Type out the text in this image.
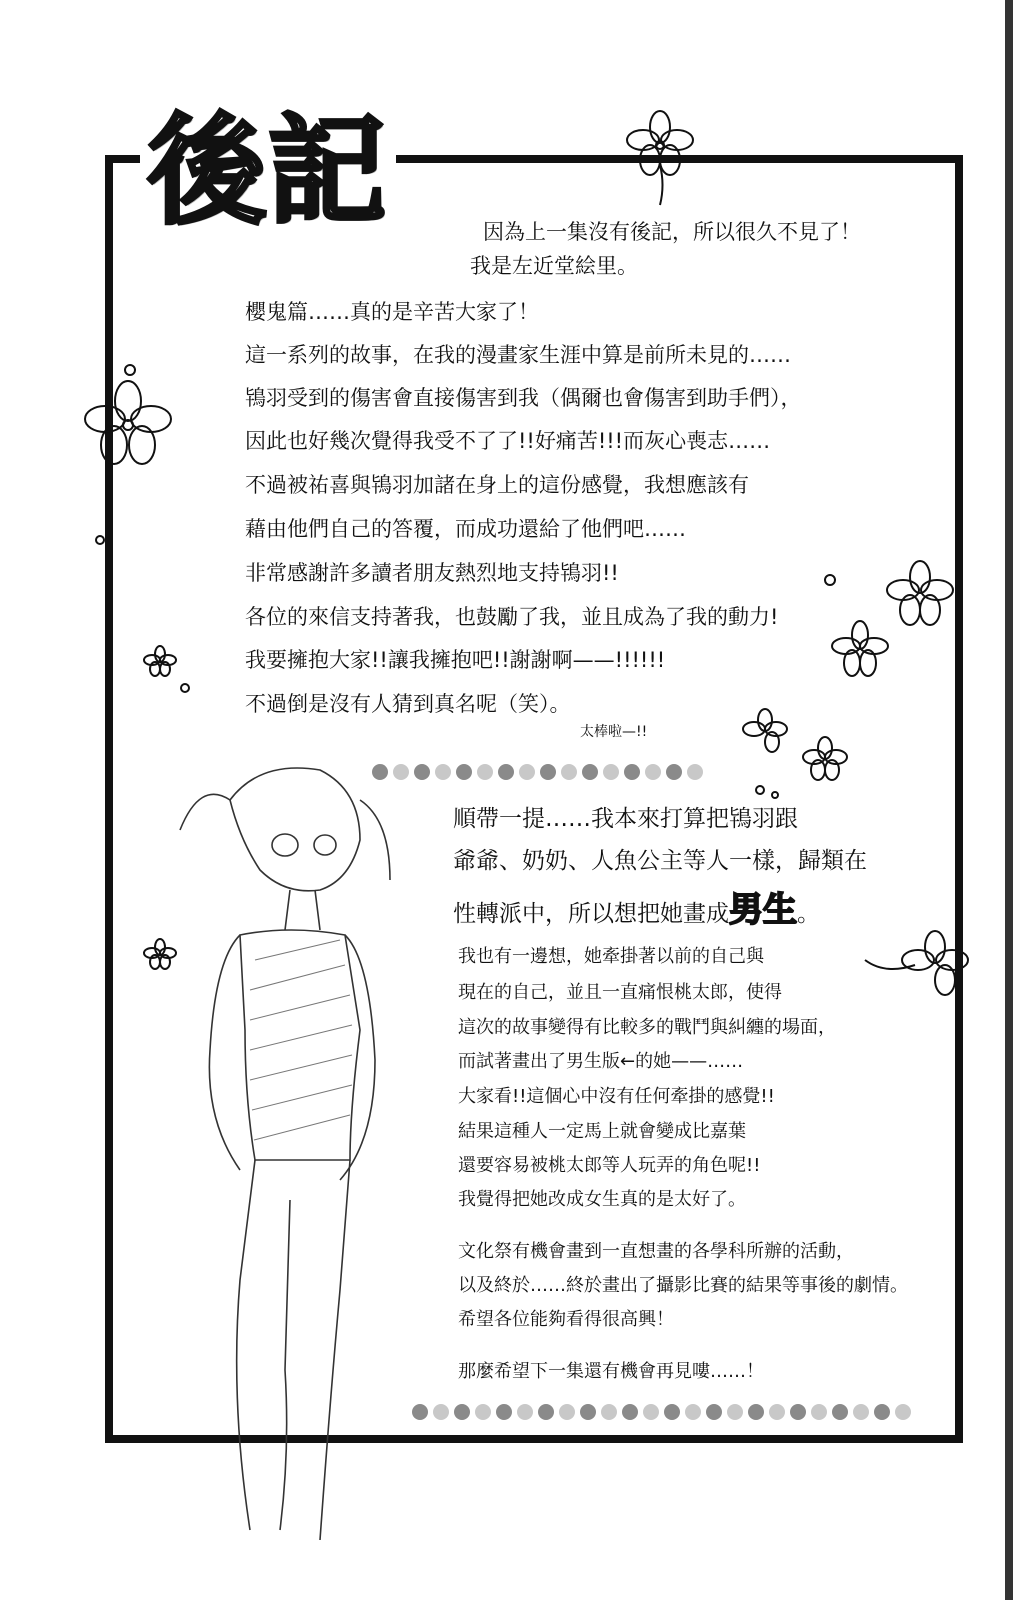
後記	因為上一集沒有後記，所以很久不見了！
我是左近堂絵里。
櫻鬼篇……真的是辛苦大家了！
這一系列的故事，在我的漫畫家生涯中算是前所未見的……
鴇羽受到的傷害會直接傷害到我（偶爾也會傷害到助手們），
因此也好幾次覺得我受不了了!!好痛苦!!!而灰心喪志……
不過被祐喜與鴇羽加諸在身上的這份感覺，我想應該有
藉由他們自己的答覆，而成功還給了他們吧……
非常感謝許多讀者朋友熱烈地支持鴇羽!!
各位的來信支持著我，也鼓勵了我，並且成為了我的動力!
我要擁抱大家!!讓我擁抱吧!!謝謝啊——!!!!!!
不過倒是沒有人猜到真名呢（笑）。
太棒啦—!!
順帶一提……我本來打算把鴇羽跟
爺爺、奶奶、人魚公主等人一樣，歸類在
性轉派中，所以想把她畫成男生。
我也有一邊想，她牽掛著以前的自己與
現在的自己，並且一直痛恨桃太郎，使得
這次的故事變得有比較多的戰鬥與糾纏的場面，
而試著畫出了男生版←的她——……
大家看!!這個心中沒有任何牽掛的感覺!!
結果這種人一定馬上就會變成比嘉葉
還要容易被桃太郎等人玩弄的角色呢!!
我覺得把她改成女生真的是太好了。
文化祭有機會畫到一直想畫的各學科所辦的活動，
以及終於……終於畫出了攝影比賽的結果等事後的劇情。
希望各位能夠看得很高興！
那麼希望下一集還有機會再見嘍……！
